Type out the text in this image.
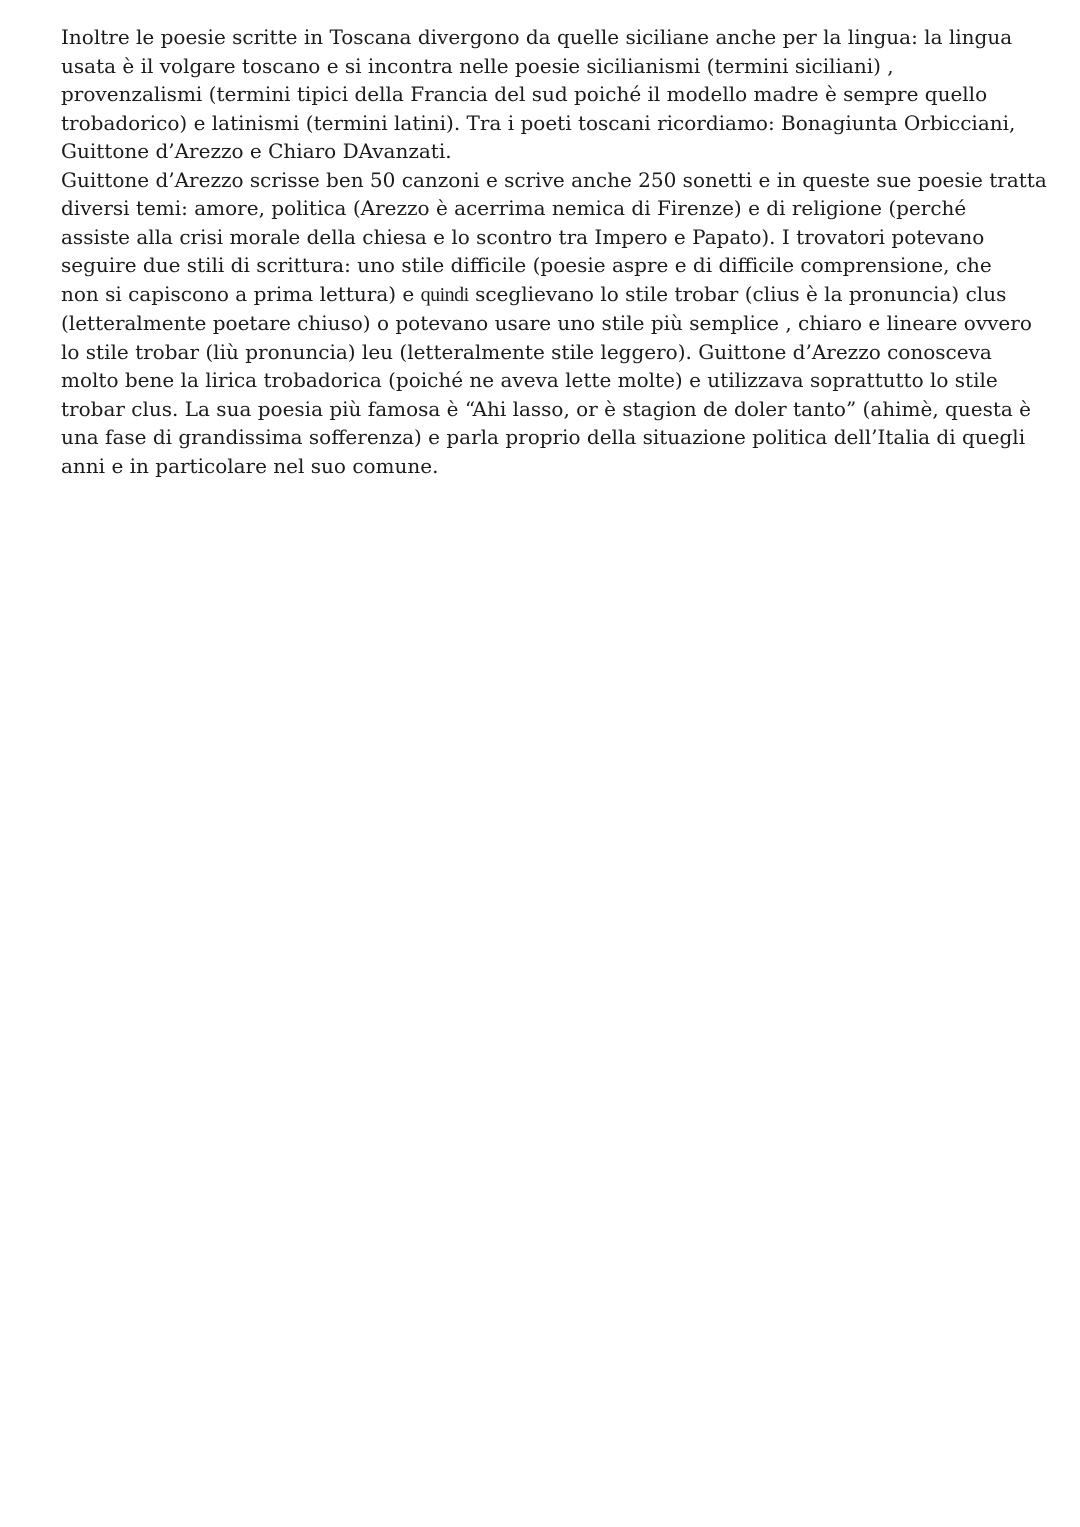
Inoltre le poesie scritte in Toscana divergono da quelle siciliane anche per la lingua: la lingua
usata è il volgare toscano e si incontra nelle poesie sicilianismi (termini siciliani) ,
provenzalismi (termini tipici della Francia del sud poiché il modello madre è sempre quello
trobadorico) e latinismi (termini latini). Tra i poeti toscani ricordiamo: Bonagiunta Orbicciani,
Guittone d’Arezzo e Chiaro DAvanzati.

Guittone d’Arezzo scrisse ben 50 canzoni e scrive anche 250 sonetti e in queste sue poesie tratta
diversi temi: amore, politica (Arezzo è acerrima nemica di Firenze) e di religione (perché
assiste alla crisi morale della chiesa e lo scontro tra Impero e Papato). I trovatori potevano
seguire due stili di scrittura: uno stile difficile (poesie aspre e di difficile comprensione, che
non si capiscono a prima lettura) e quindi sceglievano lo stile trobar (clius è la pronuncia) clus
(letteralmente poetare chiuso) o potevano usare uno stile più semplice , chiaro e lineare ovvero
lo stile trobar (liù pronuncia) leu (letteralmente stile leggero). Guittone d’Arezzo conosceva
molto bene la lirica trobadorica (poiché ne aveva lette molte) e utilizzava soprattutto lo stile
trobar clus. La sua poesia più famosa è “Ahi lasso, or è stagion de doler tanto” (ahimè, questa è
una fase di grandissima sofferenza) e parla proprio della situazione politica dell’Italia di quegli
anni e in particolare nel suo comune.
